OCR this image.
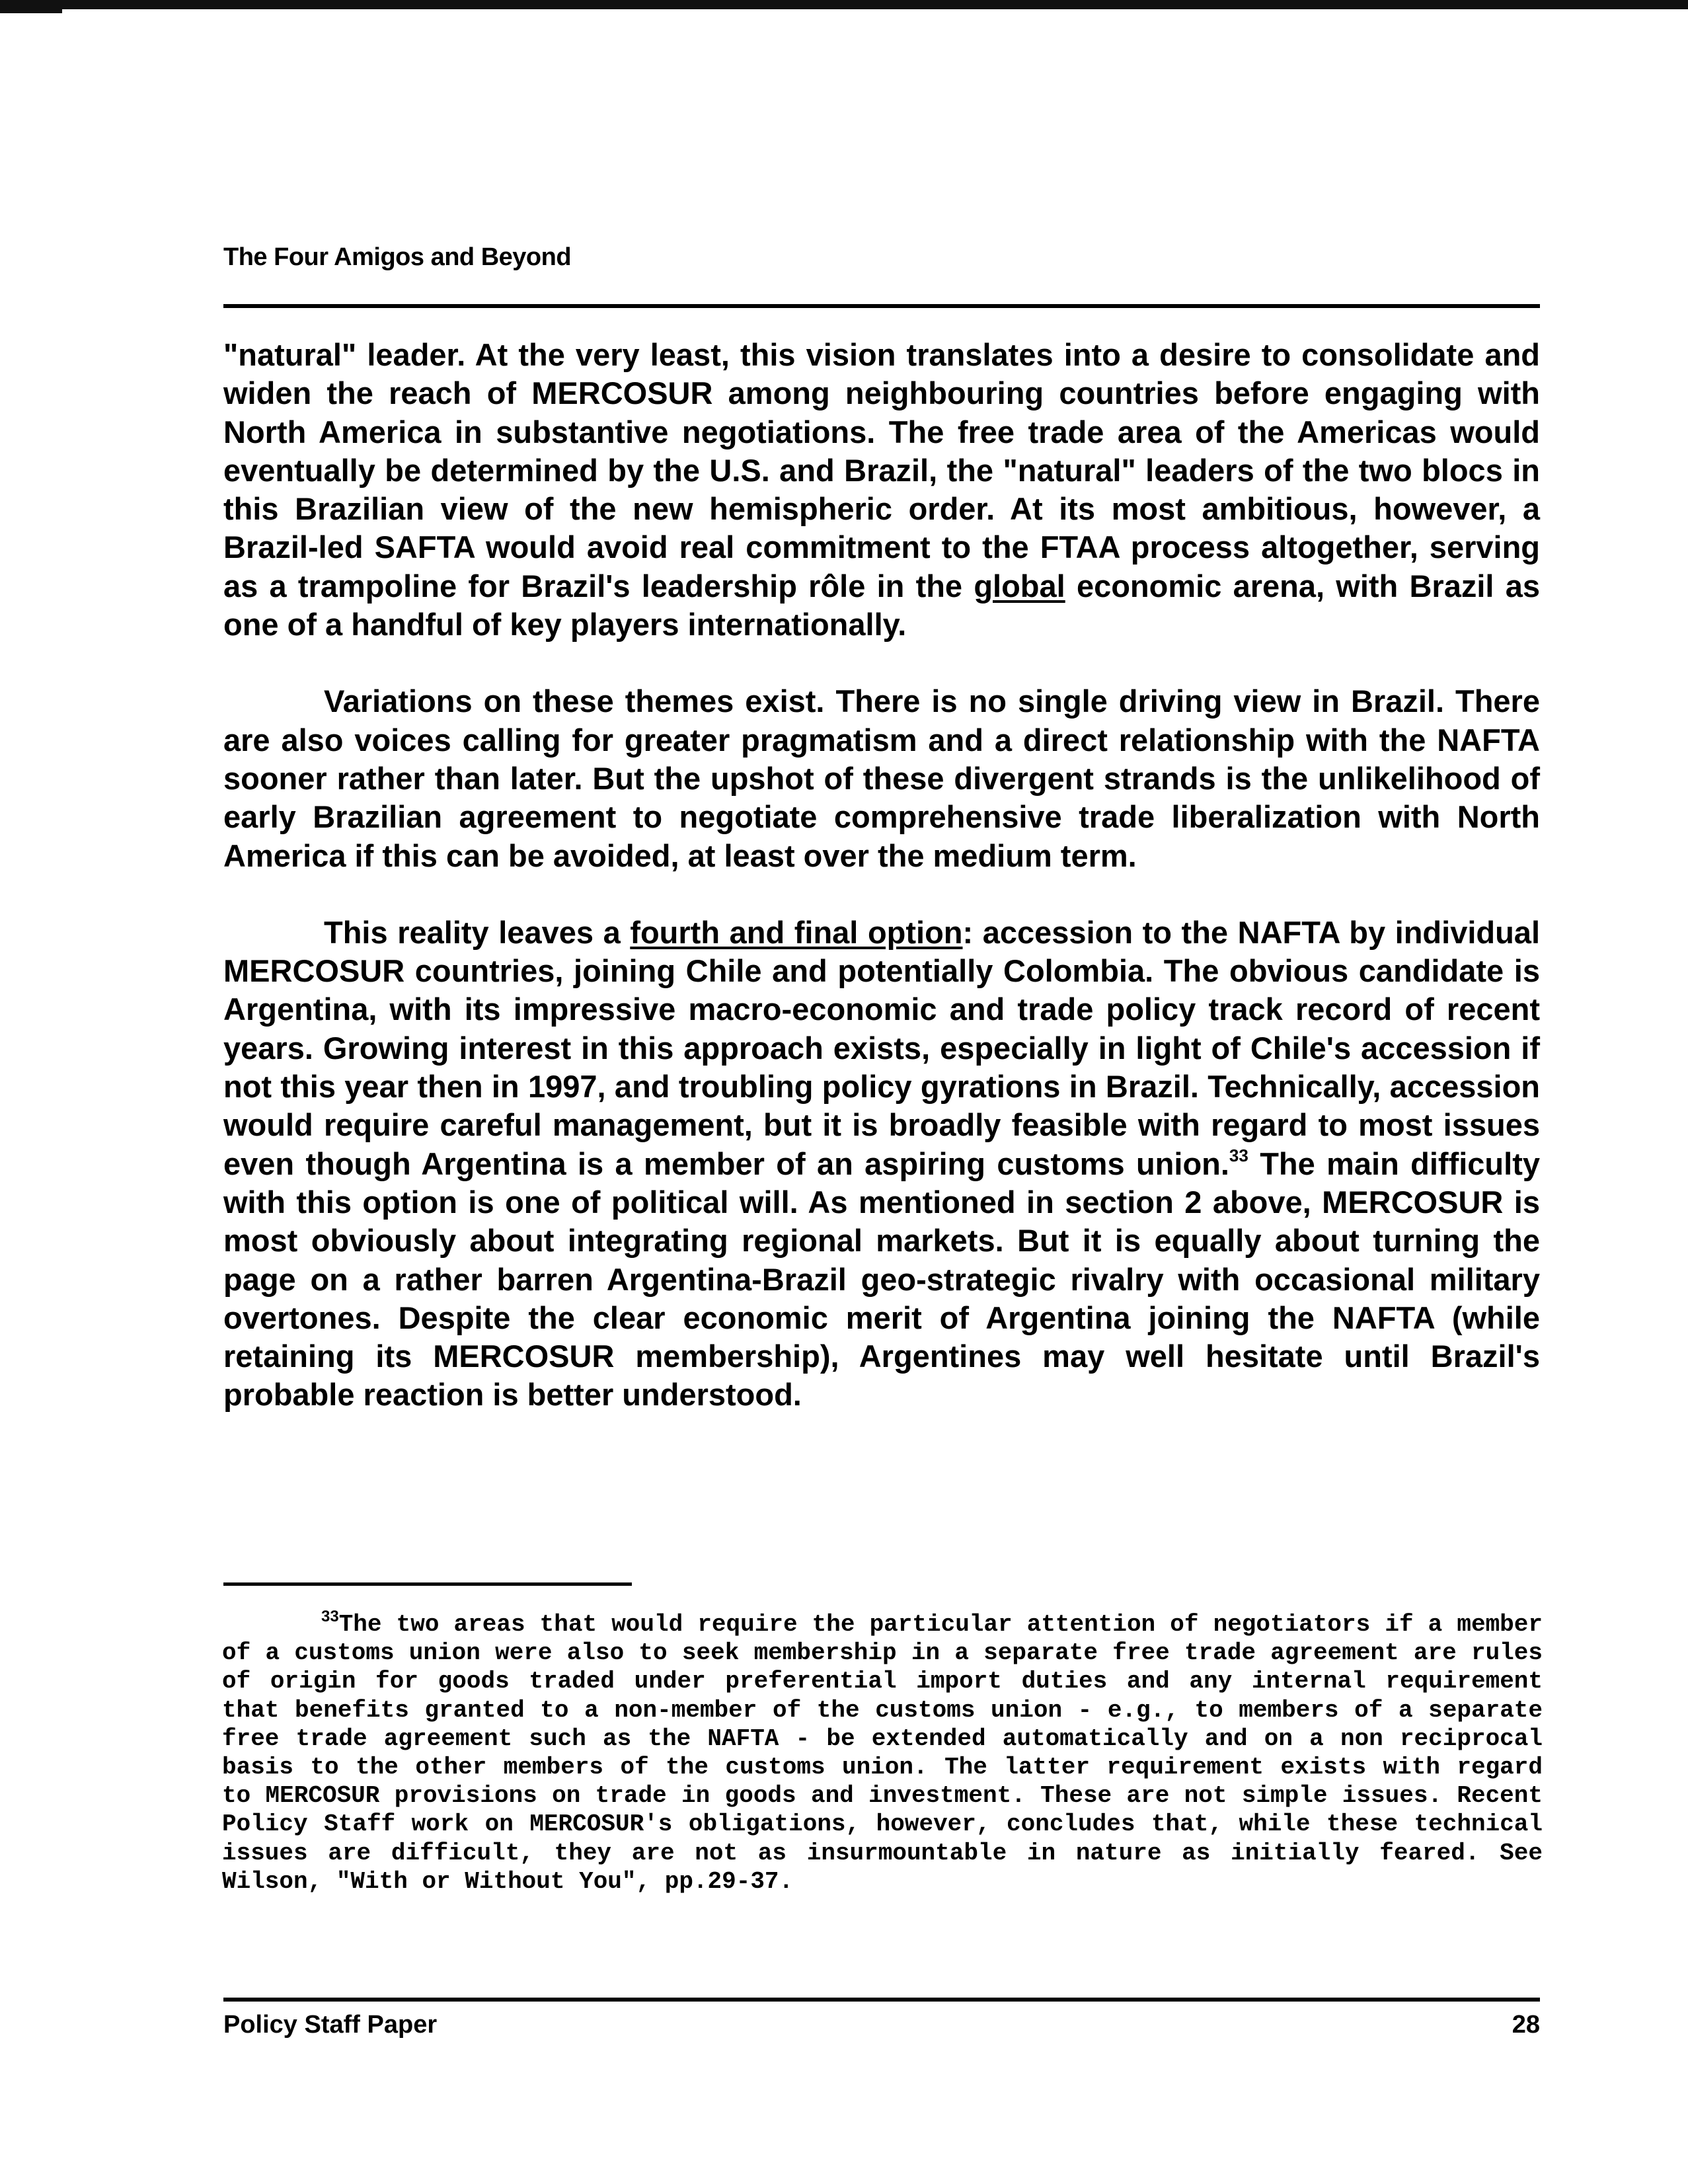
The Four Amigos and Beyond

"natural" leader. At the very least, this vision translates into a desire to consolidate and widen the reach of MERCOSUR among neighbouring countries before engaging with North America in substantive negotiations. The free trade area of the Americas would eventually be determined by the U.S. and Brazil, the "natural" leaders of the two blocs in this Brazilian view of the new hemispheric order. At its most ambitious, however, a Brazil-led SAFTA would avoid real commitment to the FTAA process altogether, serving as a trampoline for Brazil's leadership rôle in the global economic arena, with Brazil as one of a handful of key players internationally.

Variations on these themes exist. There is no single driving view in Brazil. There are also voices calling for greater pragmatism and a direct relationship with the NAFTA sooner rather than later. But the upshot of these divergent strands is the unlikelihood of early Brazilian agreement to negotiate comprehensive trade liberalization with North America if this can be avoided, at least over the medium term.

This reality leaves a fourth and final option: accession to the NAFTA by individual MERCOSUR countries, joining Chile and potentially Colombia. The obvious candidate is Argentina, with its impressive macro-economic and trade policy track record of recent years. Growing interest in this approach exists, especially in light of Chile's accession if not this year then in 1997, and troubling policy gyrations in Brazil. Technically, accession would require careful management, but it is broadly feasible with regard to most issues even though Argentina is a member of an aspiring customs union.$^{33}$ The main difficulty with this option is one of political will. As mentioned in section 2 above, MERCOSUR is most obviously about integrating regional markets. But it is equally about turning the page on a rather barren Argentina-Brazil geo-strategic rivalry with occasional military overtones. Despite the clear economic merit of Argentina joining the NAFTA (while retaining its MERCOSUR membership), Argentines may well hesitate until Brazil's probable reaction is better understood.

$^{33}$The two areas that would require the particular attention of negotiators if a member of a customs union were also to seek membership in a separate free trade agreement are rules of origin for goods traded under preferential import duties and any internal requirement that benefits granted to a non-member of the customs union - e.g., to members of a separate free trade agreement such as the NAFTA - be extended automatically and on a non reciprocal basis to the other members of the customs union. The latter requirement exists with regard to MERCOSUR provisions on trade in goods and investment. These are not simple issues. Recent Policy Staff work on MERCOSUR's obligations, however, concludes that, while these technical issues are difficult, they are not as insurmountable in nature as initially feared. See Wilson, "With or Without You", pp.29-37.

Policy Staff Paper	28
